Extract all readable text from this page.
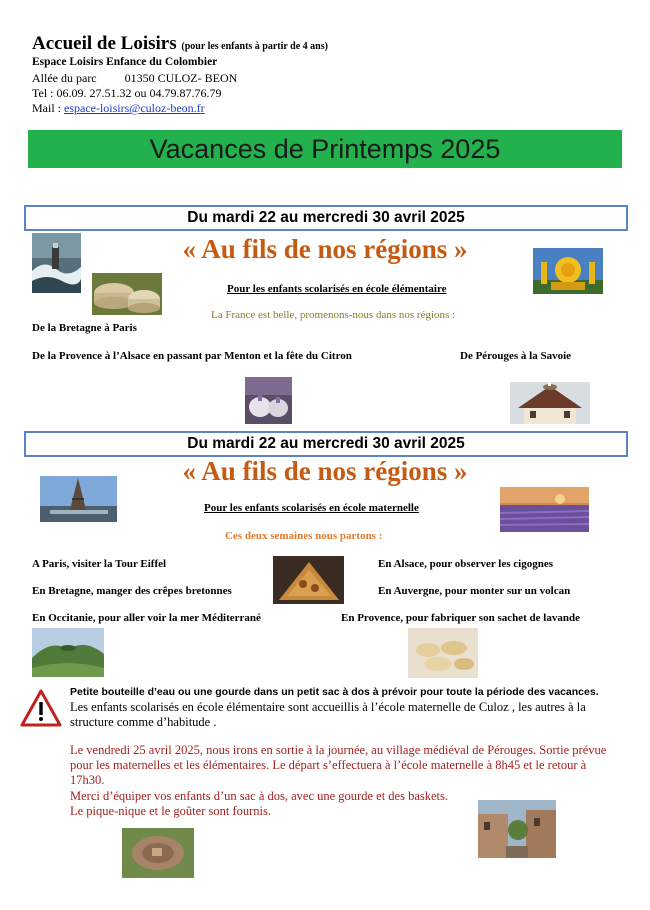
Accueil de Loisirs (pour les enfants à partir de 4 ans)
Espace Loisirs Enfance du Colombier
Allée du parc 01350 CULOZ- BEON
Tel : 06.09. 27.51.32 ou 04.79.87.76.79
Mail : espace-loisirs@culoz-beon.fr
Vacances de Printemps 2025
Du mardi 22 au mercredi 30 avril 2025
« Au fils de nos régions »
Pour les enfants scolarisés en école élémentaire
La France est belle, promenons-nous dans nos régions :
De la Bretagne à Paris
De la Provence à l’Alsace en passant par Menton et la fête du Citron	De Pérouges à la Savoie
Du mardi 22 au mercredi 30 avril 2025
« Au fils de nos régions »
Pour les enfants scolarisés en école maternelle
Ces deux semaines nous partons :
A Paris, visiter la Tour Eiffel	En Alsace, pour observer les cigognes
En Bretagne, manger des crêpes bretonnes	En Auvergne, pour monter sur un volcan
En Occitanie, pour aller voir la mer Méditerrané	En Provence, pour fabriquer son sachet de lavande
Petite bouteille d’eau ou une gourde dans un petit sac à dos à prévoir pour toute la période des vacances.
Les enfants scolarisés en école élémentaire sont accueillis à l’école maternelle de Culoz , les autres à la structure comme d’habitude .
Le vendredi 25 avril 2025, nous irons en sortie à la journée, au village médiéval de Pérouges. Sortie prévue pour les maternelles et les élémentaires. Le départ s’effectuera à l’école maternelle à 8h45 et le retour à 17h30.
Merci d’équiper vos enfants d’un sac à dos, avec une gourde et des baskets.
Le pique-nique et le goûter sont fournis.
